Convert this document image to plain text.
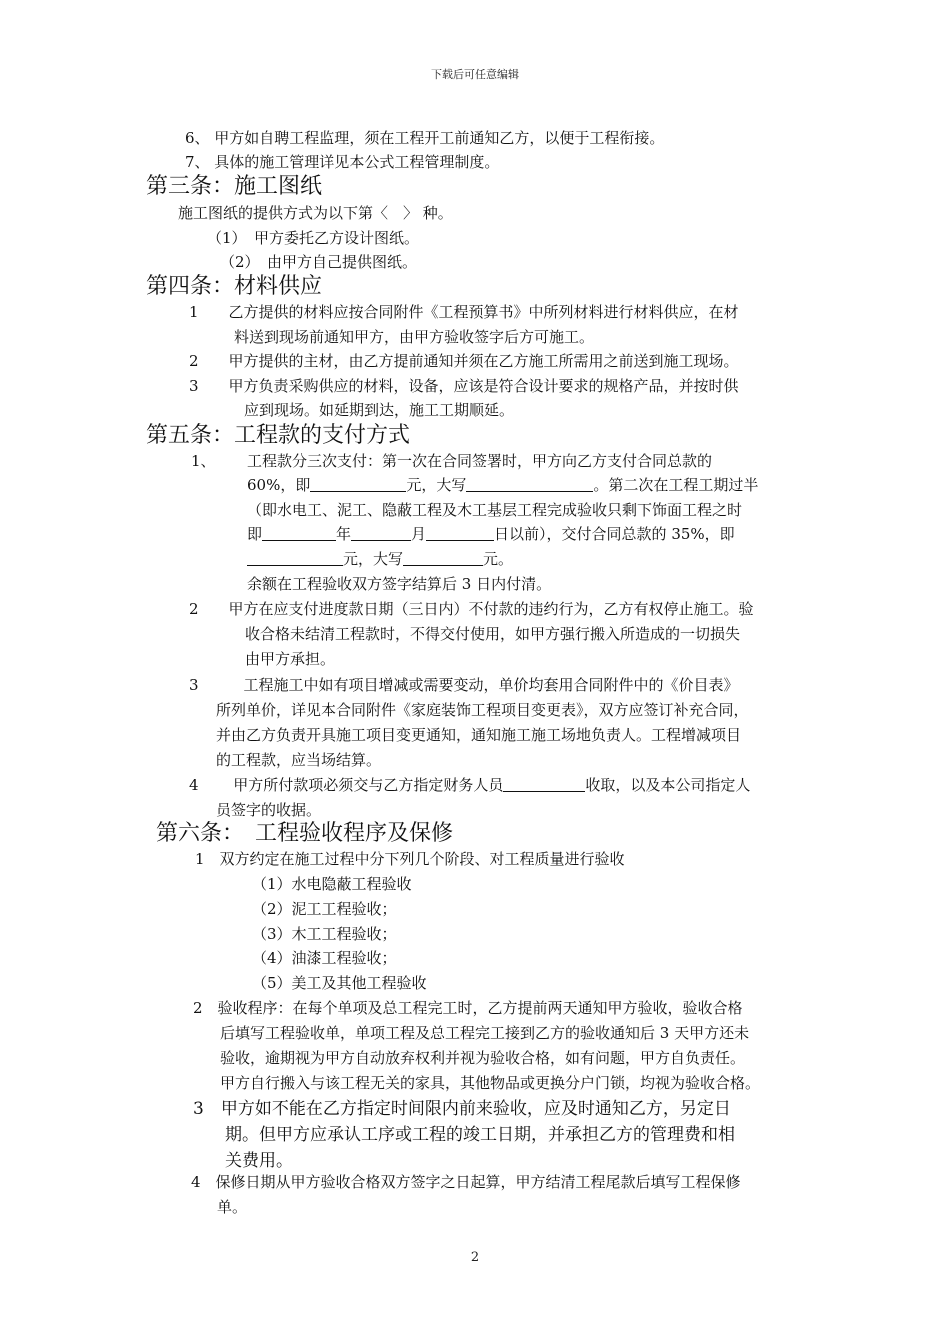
下载后可任意编辑
6、 甲方如自聘工程监理，须在工程开工前通知乙方，以便于工程衔接。
7、 具体的施工管理详见本公式工程管理制度。
第三条：施工图纸
施工图纸的提供方式为以下第〈　〉 种。
（1）　甲方委托乙方设计图纸。
（2）　由甲方自己提供图纸。
第四条：材料供应
1　　乙方提供的材料应按合同附件《工程预算书》中所列材料进行材料供应，在材
料送到现场前通知甲方，由甲方验收签字后方可施工。
2　　甲方提供的主材，由乙方提前通知并须在乙方施工所需用之前送到施工现场。
3　　甲方负责采购供应的材料，设备，应该是符合设计要求的规格产品，并按时供
应到现场。如延期到达，施工工期顺延。
第五条：工程款的支付方式
1、 工程款分三次支付：第一次在合同签署时，甲方向乙方支付合同总款的
60%，即	元，大写	。第二次在工程工期过半
（即水电工、泥工、隐蔽工程及木工基层工程完成验收只剩下饰面工程之时
即	年	月	日以前），交付合同总款的 35%，即
元，大写	元。
余额在工程验收双方签字结算后 3 日内付清。
2　　甲方在应支付进度款日期（三日内）不付款的违约行为，乙方有权停止施工。验
收合格未结清工程款时，不得交付使用，如甲方强行搬入所造成的一切损失
由甲方承担。
3　　　工程施工中如有项目增减或需要变动，单价均套用合同附件中的《价目表》
所列单价，详见本合同附件《家庭装饰工程项目变更表》，双方应签订补充合同，
并由乙方负责开具施工项目变更通知，通知施工施工场地负责人。工程增减项目
的工程款，应当场结算。
4　　 甲方所付款项必须交与乙方指定财务人员	收取，以及本公司指定人
员签字的收据。
第六条：　工程验收程序及保修
1　双方约定在施工过程中分下列几个阶段、对工程质量进行验收
（1）水电隐蔽工程验收
（2）泥工工程验收；
（3）木工工程验收；
（4）油漆工程验收；
（5）美工及其他工程验收
2　验收程序：在每个单项及总工程完工时，乙方提前两天通知甲方验收，验收合格
后填写工程验收单，单项工程及总工程完工接到乙方的验收通知后 3 天甲方还未
验收，逾期视为甲方自动放弃权利并视为验收合格，如有问题，甲方自负责任。
甲方自行搬入与该工程无关的家具，其他物品或更换分户门锁，均视为验收合格。
3　甲方如不能在乙方指定时间限内前来验收，应及时通知乙方，另定日
期。但甲方应承认工序或工程的竣工日期，并承担乙方的管理费和相
关费用。
4　保修日期从甲方验收合格双方签字之日起算，甲方结清工程尾款后填写工程保修
单。
2
